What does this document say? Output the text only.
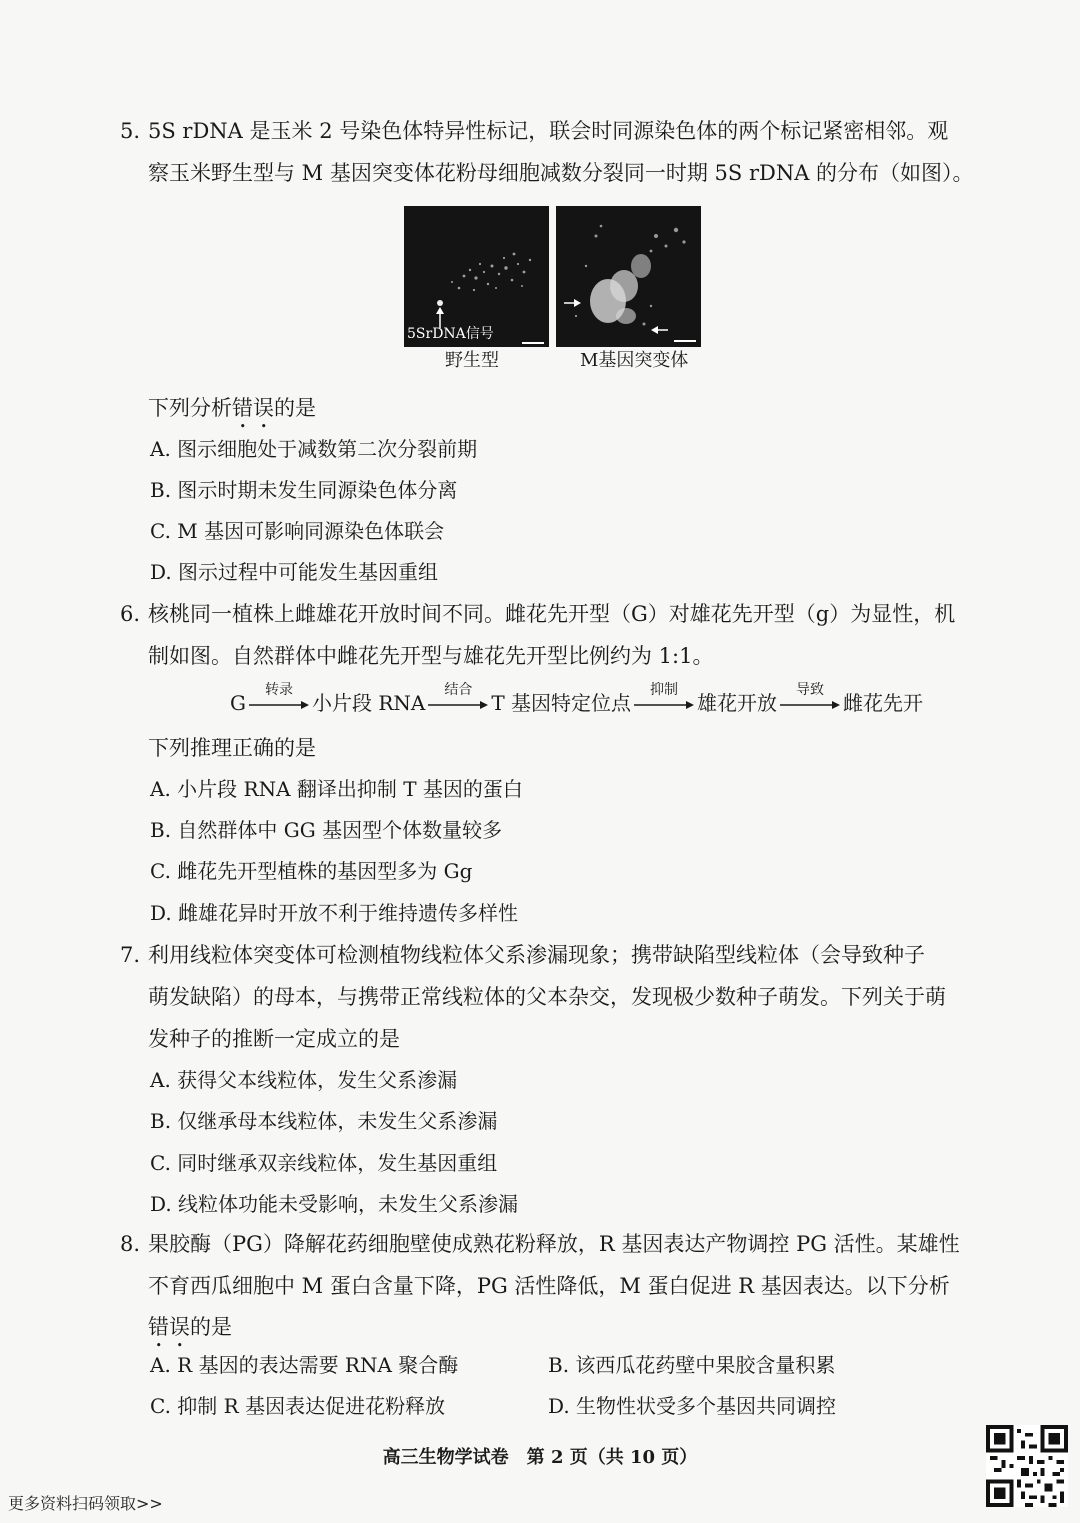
5. 5S rDNA 是玉米 2 号染色体特异性标记，联会时同源染色体的两个标记紧密相邻。观
察玉米野生型与 M 基因突变体花粉母细胞减数分裂同一时期 5S rDNA 的分布（如图）。
5SrDNA信号
野生型	M基因突变体
下列分析错误的是
A. 图示细胞处于减数第二次分裂前期
B. 图示时期未发生同源染色体分离
C. M 基因可影响同源染色体联会
D. 图示过程中可能发生基因重组
6. 核桃同一植株上雌雄花开放时间不同。雌花先开型（G）对雄花先开型（g）为显性，机
制如图。自然群体中雌花先开型与雄花先开型比例约为 1:1。
G
转录
小片段 RNA
结合
T 基因特定位点
抑制
雄花开放
导致
雌花先开
下列推理正确的是
A. 小片段 RNA 翻译出抑制 T 基因的蛋白
B. 自然群体中 GG 基因型个体数量较多
C. 雌花先开型植株的基因型多为 Gg
D. 雌雄花异时开放不利于维持遗传多样性
7. 利用线粒体突变体可检测植物线粒体父系渗漏现象；携带缺陷型线粒体（会导致种子
萌发缺陷）的母本，与携带正常线粒体的父本杂交，发现极少数种子萌发。下列关于萌
发种子的推断一定成立的是
A. 获得父本线粒体，发生父系渗漏
B. 仅继承母本线粒体，未发生父系渗漏
C. 同时继承双亲线粒体，发生基因重组
D. 线粒体功能未受影响，未发生父系渗漏
8. 果胶酶（PG）降解花药细胞壁使成熟花粉释放，R 基因表达产物调控 PG 活性。某雄性
不育西瓜细胞中 M 蛋白含量下降，PG 活性降低，M 蛋白促进 R 基因表达。以下分析
错误的是
A. R 基因的表达需要 RNA 聚合酶	B. 该西瓜花药壁中果胶含量积累
C. 抑制 R 基因表达促进花粉释放	D. 生物性状受多个基因共同调控
高三生物学试卷　第 2 页（共 10 页）
更多资料扫码领取>>
